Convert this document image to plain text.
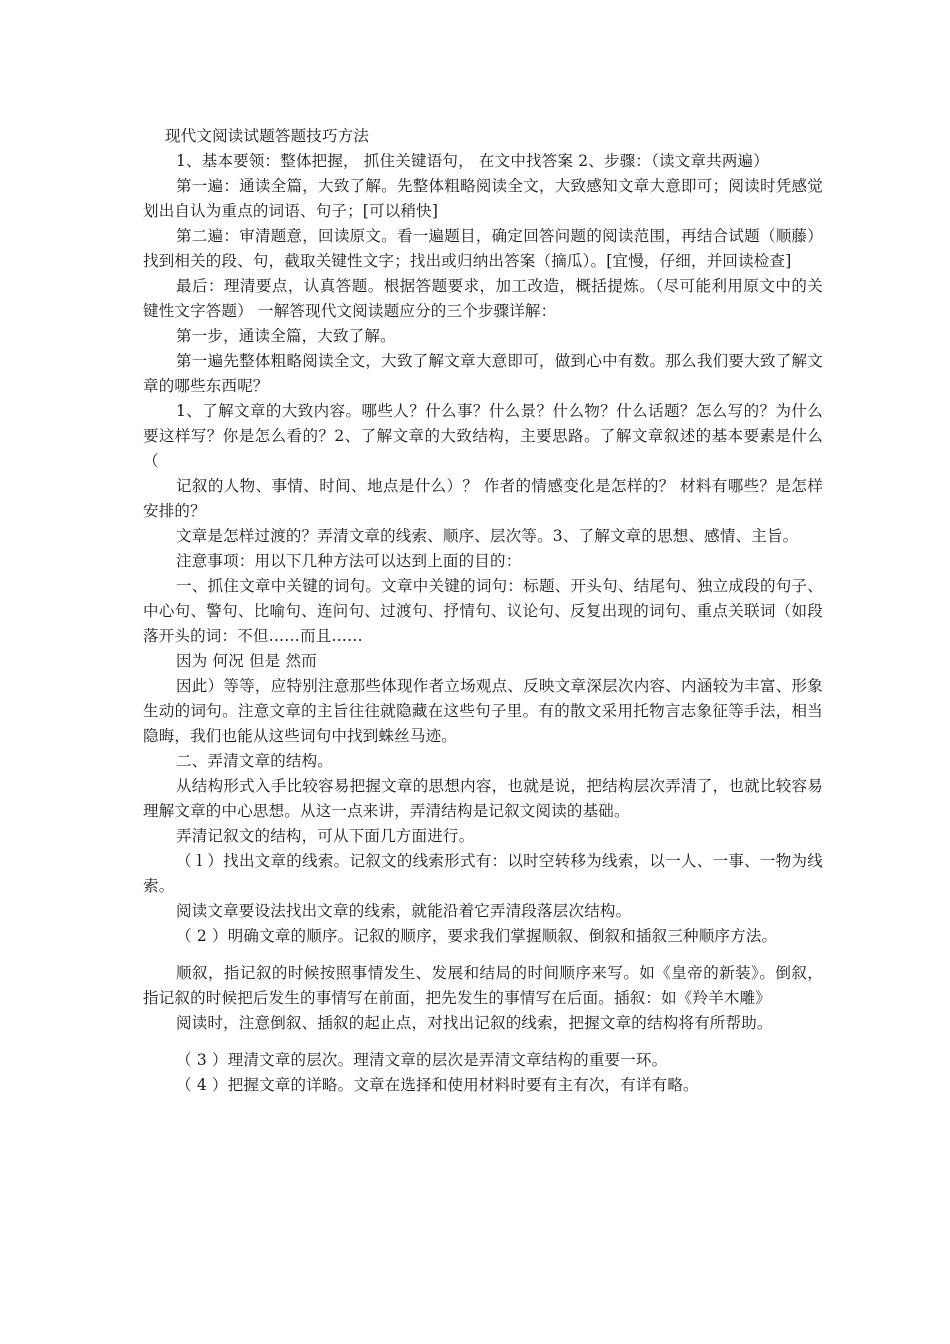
现代文阅读试题答题技巧方法

1、基本要领：整体把握， 抓住关键语句， 在文中找答案 2、步骤：（读文章共两遍）

第一遍：通读全篇，大致了解。先整体粗略阅读全文，大致感知文章大意即可；阅读时凭感觉划出自认为重点的词语、句子；[可以稍快]

第二遍：审清题意，回读原文。看一遍题目，确定回答问题的阅读范围，再结合试题（顺藤）找到相关的段、句，截取关键性文字；找出或归纳出答案（摘瓜）。[宜慢，仔细，并回读检查]

最后：理清要点，认真答题。根据答题要求，加工改造，概括提炼。（尽可能利用原文中的关键性文字答题） 一解答现代文阅读题应分的三个步骤详解：

第一步，通读全篇，大致了解。

第一遍先整体粗略阅读全文，大致了解文章大意即可，做到心中有数。那么我们要大致了解文章的哪些东西呢？

1、了解文章的大致内容。哪些人？什么事？什么景？什么物？什么话题？怎么写的？为什么要这样写？你是怎么看的？2、了解文章的大致结构，主要思路。了解文章叙述的基本要素是什么（

记叙的人物、事情、时间、地点是什么）？ 作者的情感变化是怎样的？ 材料有哪些？是怎样安排的？

文章是怎样过渡的？弄清文章的线索、顺序、层次等。3、了解文章的思想、感情、主旨。

注意事项：用以下几种方法可以达到上面的目的：

一、抓住文章中关键的词句。文章中关键的词句：标题、开头句、结尾句、独立成段的句子、中心句、警句、比喻句、连问句、过渡句、抒情句、议论句、反复出现的词句、重点关联词（如段落开头的词：不但……而且……

因为 何况 但是 然而

因此）等等，应特别注意那些体现作者立场观点、反映文章深层次内容、内涵较为丰富、形象生动的词句。注意文章的主旨往往就隐藏在这些句子里。有的散文采用托物言志象征等手法，相当隐晦，我们也能从这些词句中找到蛛丝马迹。

二、弄清文章的结构。

从结构形式入手比较容易把握文章的思想内容，也就是说，把结构层次弄清了，也就比较容易理解文章的中心思想。从这一点来讲，弄清结构是记叙文阅读的基础。

弄清记叙文的结构，可从下面几方面进行。

（ l ）找出文章的线索。记叙文的线索形式有：以时空转移为线索，以一人、一事、一物为线索。

阅读文章要设法找出文章的线索，就能沿着它弄清段落层次结构。

（ 2 ）明确文章的顺序。记叙的顺序，要求我们掌握顺叙、倒叙和插叙三种顺序方法。

顺叙，指记叙的时候按照事情发生、发展和结局的时间顺序来写。如《皇帝的新装》。倒叙，指记叙的时候把后发生的事情写在前面，把先发生的事情写在后面。插叙：如《羚羊木雕》

阅读时，注意倒叙、插叙的起止点，对找出记叙的线索，把握文章的结构将有所帮助。

（ 3 ）理清文章的层次。理清文章的层次是弄清文章结构的重要一环。

（ 4 ）把握文章的详略。文章在选择和使用材料时要有主有次，有详有略。
